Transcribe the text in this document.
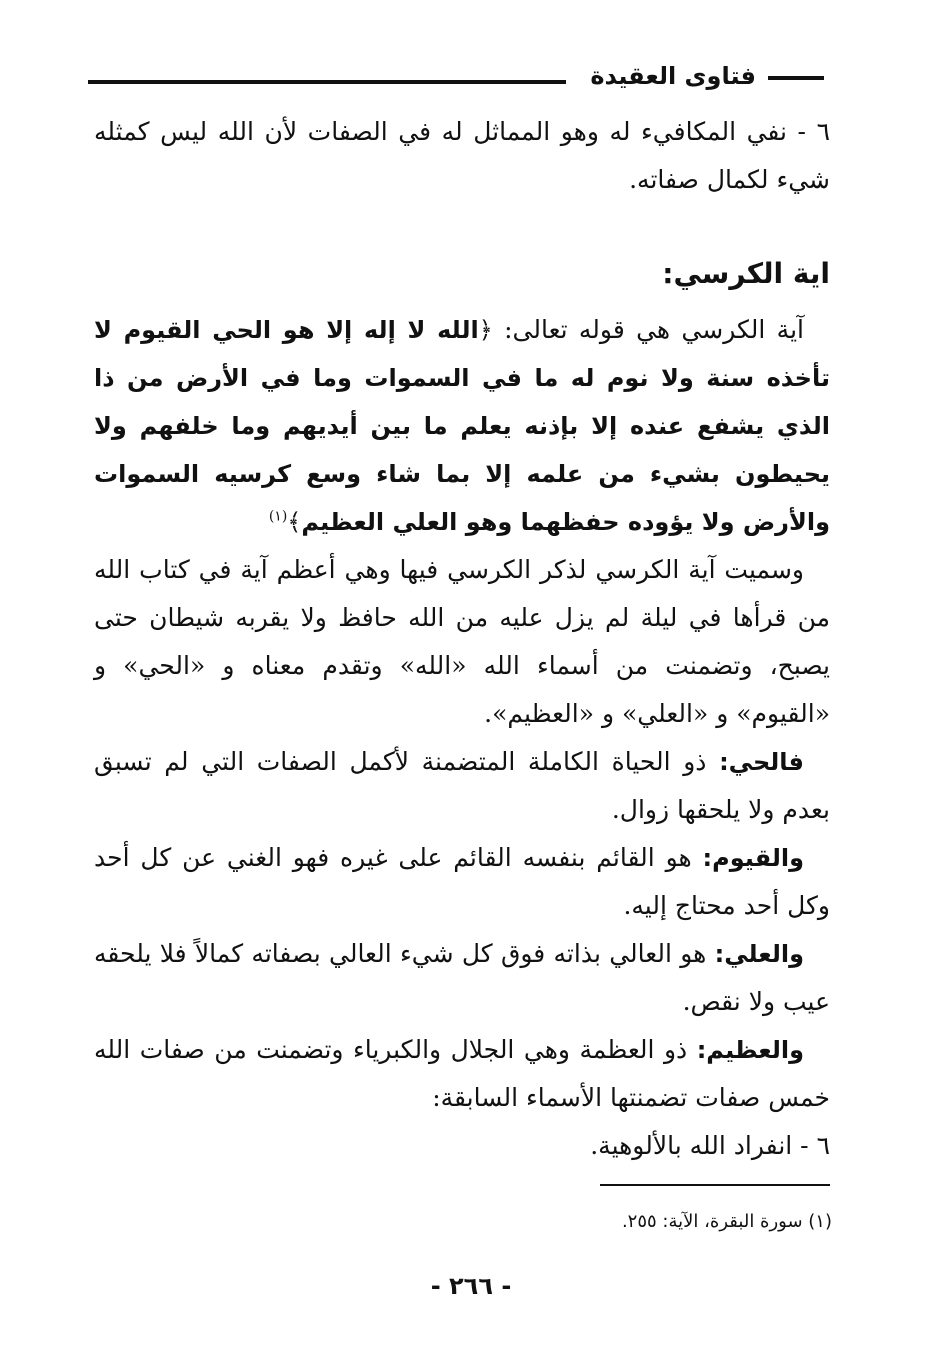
فتاوى العقيدة

٦ - نفي المكافيء له وهو المماثل له في الصفات لأن الله ليس كمثله شيء لكمال صفاته.

اية الكرسي:

آية الكرسي هي قوله تعالى: ﴿الله لا إله إلا هو الحي القيوم لا تأخذه سنة ولا نوم له ما في السموات وما في الأرض من ذا الذي يشفع عنده إلا بإذنه يعلم ما بين أيديهم وما خلفهم ولا يحيطون بشيء من علمه إلا بما شاء وسع كرسيه السموات والأرض ولا يؤوده حفظهما وهو العلي العظيم﴾$^{(١)}$

وسميت آية الكرسي لذكر الكرسي فيها وهي أعظم آية في كتاب الله من قرأها في ليلة لم يزل عليه من الله حافظ ولا يقربه شيطان حتى يصبح، وتضمنت من أسماء الله «الله» وتقدم معناه و «الحي» و «القيوم» و «العلي» و «العظيم».

فالحي: ذو الحياة الكاملة المتضمنة لأكمل الصفات التي لم تسبق بعدم ولا يلحقها زوال.

والقيوم: هو القائم بنفسه القائم على غيره فهو الغني عن كل أحد وكل أحد محتاج إليه.

والعلي: هو العالي بذاته فوق كل شيء العالي بصفاته كمالاً فلا يلحقه عيب ولا نقص.

والعظيم: ذو العظمة وهي الجلال والكبرياء وتضمنت من صفات الله خمس صفات تضمنتها الأسماء السابقة:

٦ - انفراد الله بالألوهية.

(١) سورة البقرة، الآية: ٢٥٥.
- ٢٦٦ -
